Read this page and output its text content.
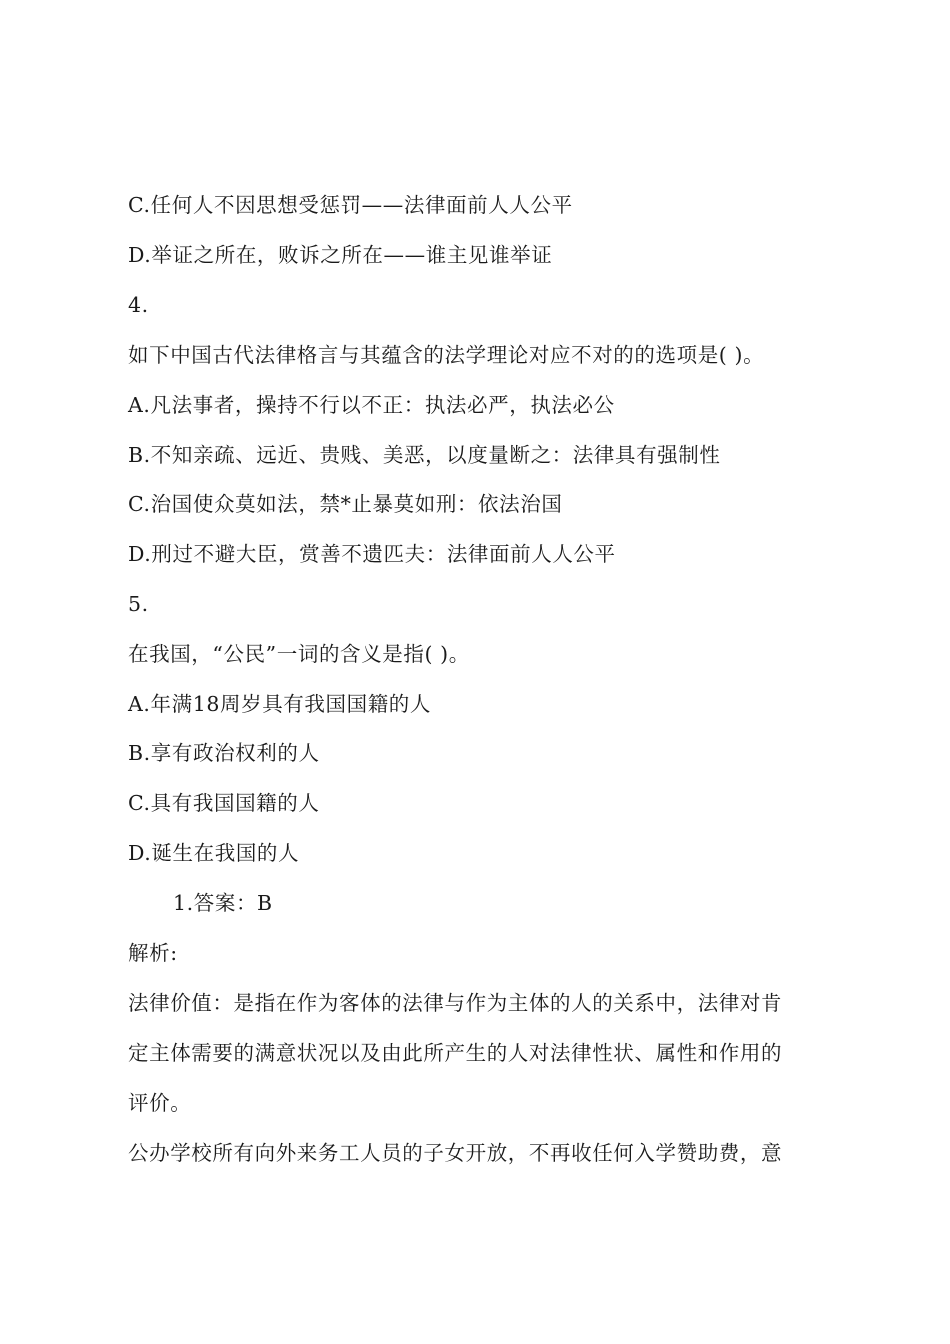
C.任何人不因思想受惩罚——法律面前人人公平
D.举证之所在，败诉之所在——谁主见谁举证
4.
如下中国古代法律格言与其蕴含的法学理论对应不对的的选项是( )。
A.凡法事者，操持不行以不正：执法必严，执法必公
B.不知亲疏、远近、贵贱、美恶，以度量断之：法律具有强制性
C.治国使众莫如法，禁*止暴莫如刑：依法治国
D.刑过不避大臣，赏善不遗匹夫：法律面前人人公平
5.
在我国，“公民”一词的含义是指( )。
A.年满18周岁具有我国国籍的人
B.享有政治权利的人
C.具有我国国籍的人
D.诞生在我国的人
1.答案：B
解析:
法律价值：是指在作为客体的法律与作为主体的人的关系中，法律对肯
定主体需要的满意状况以及由此所产生的人对法律性状、属性和作用的
评价。
公办学校所有向外来务工人员的子女开放，不再收任何入学赞助费，意
